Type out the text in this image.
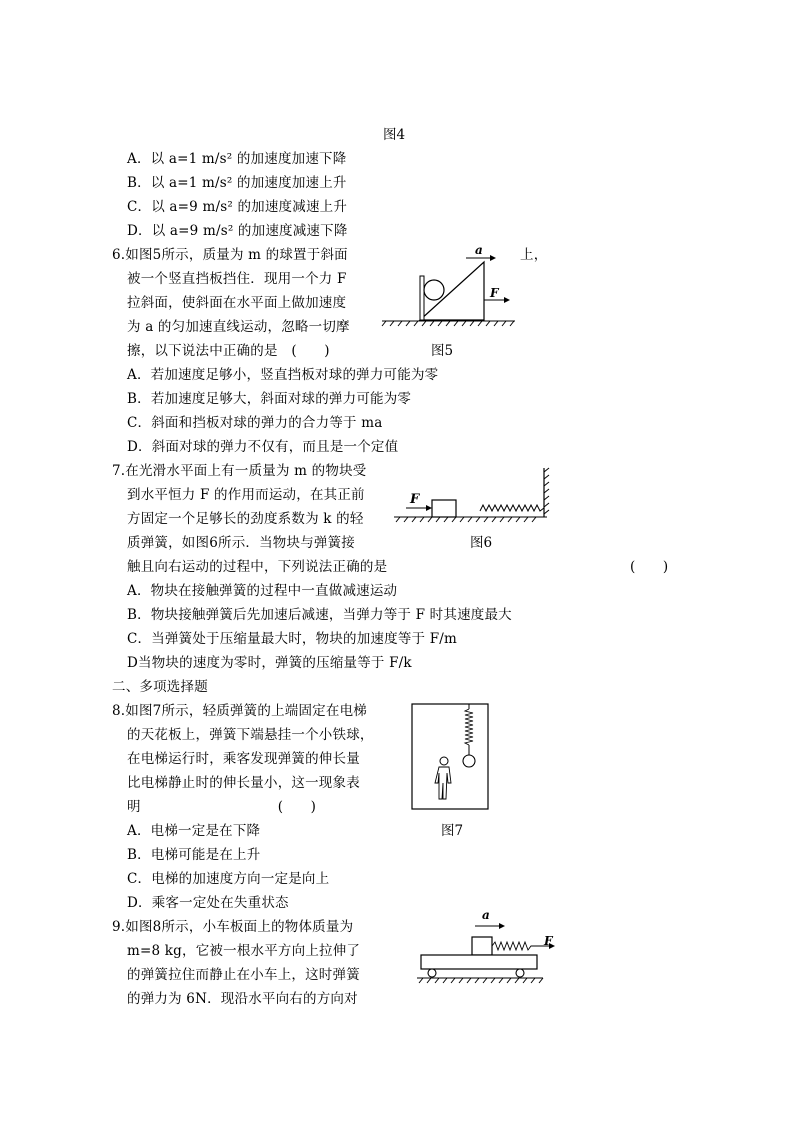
图4
A．以 a=1 m/s² 的加速度加速下降
B．以 a=1 m/s² 的加速度加速上升
C．以 a=9 m/s² 的加速度减速上升
D．以 a=9 m/s² 的加速度减速下降
6.如图5所示，质量为 m 的球置于斜面
被一个竖直挡板挡住．现用一个力 F
拉斜面，使斜面在水平面上做加速度
为 a 的匀加速直线运动，忽略一切摩
擦，以下说法中正确的是　(　　)
上，
a
F
图5
A．若加速度足够小，竖直挡板对球的弹力可能为零
B．若加速度足够大，斜面对球的弹力可能为零
C．斜面和挡板对球的弹力的合力等于 ma
D．斜面对球的弹力不仅有，而且是一个定值
7.在光滑水平面上有一质量为 m 的物块受
到水平恒力 F 的作用而运动，在其正前
方固定一个足够长的劲度系数为 k 的轻
质弹簧，如图6所示．当物块与弹簧接
触且向右运动的过程中，下列说法正确的是	(　　)
F
图6
A．物块在接触弹簧的过程中一直做减速运动
B．物块接触弹簧后先加速后减速，当弹力等于 F 时其速度最大
C．当弹簧处于压缩量最大时，物块的加速度等于 F/m
D当物块的速度为零时，弹簧的压缩量等于 F/k
二、多项选择题
8.如图7所示，轻质弹簧的上端固定在电梯
的天花板上，弹簧下端悬挂一个小铁球，
在电梯运行时，乘客发现弹簧的伸长量
比电梯静止时的伸长量小，这一现象表
明　　　　　　　　　　(　　)
图7
A．电梯一定是在下降
B．电梯可能是在上升
C．电梯的加速度方向一定是向上
D．乘客一定处在失重状态
9.如图8所示，小车板面上的物体质量为
m=8 kg，它被一根水平方向上拉伸了
的弹簧拉住而静止在小车上，这时弹簧
的弹力为 6N．现沿水平向右的方向对
a
F
